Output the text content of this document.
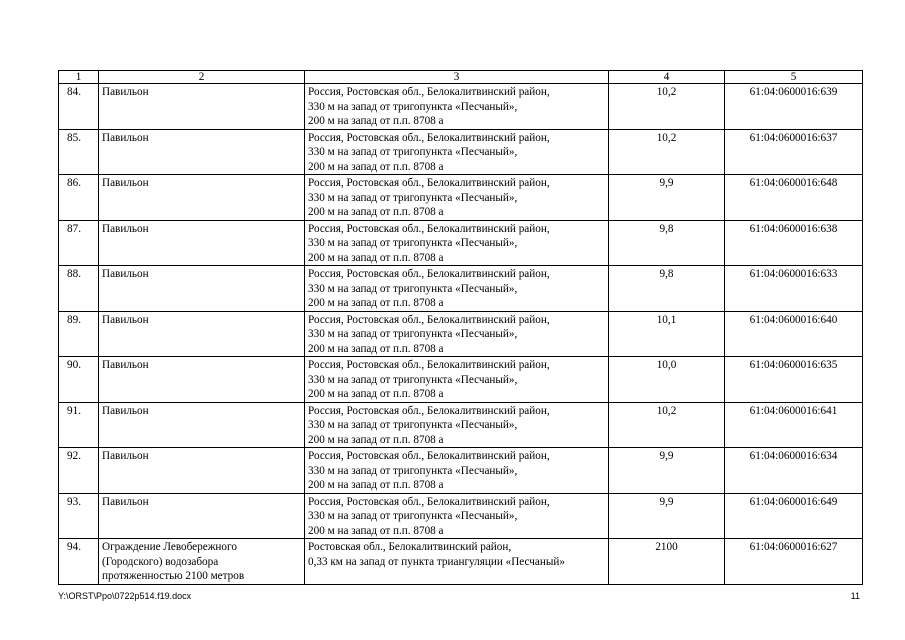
1	2	3	4	5
84.	Павильон	Россия, Ростовская обл., Белокалитвинский район,
330 м на запад от тригопункта «Песчаный»,
200 м на запад от п.п. 8708 а	10,2	61:04:0600016:639
85.	Павильон	Россия, Ростовская обл., Белокалитвинский район,
330 м на запад от тригопункта «Песчаный»,
200 м на запад от п.п. 8708 а	10,2	61:04:0600016:637
86.	Павильон	Россия, Ростовская обл., Белокалитвинский район,
330 м на запад от тригопункта «Песчаный»,
200 м на запад от п.п. 8708 а	9,9	61:04:0600016:648
87.	Павильон	Россия, Ростовская обл., Белокалитвинский район,
330 м на запад от тригопункта «Песчаный»,
200 м на запад от п.п. 8708 а	9,8	61:04:0600016:638
88.	Павильон	Россия, Ростовская обл., Белокалитвинский район,
330 м на запад от тригопункта «Песчаный»,
200 м на запад от п.п. 8708 а	9,8	61:04:0600016:633
89.	Павильон	Россия, Ростовская обл., Белокалитвинский район,
330 м на запад от тригопункта «Песчаный»,
200 м на запад от п.п. 8708 а	10,1	61:04:0600016:640
90.	Павильон	Россия, Ростовская обл., Белокалитвинский район,
330 м на запад от тригопункта «Песчаный»,
200 м на запад от п.п. 8708 а	10,0	61:04:0600016:635
91.	Павильон	Россия, Ростовская обл., Белокалитвинский район,
330 м на запад от тригопункта «Песчаный»,
200 м на запад от п.п. 8708 а	10,2	61:04:0600016:641
92.	Павильон	Россия, Ростовская обл., Белокалитвинский район,
330 м на запад от тригопункта «Песчаный»,
200 м на запад от п.п. 8708 а	9,9	61:04:0600016:634
93.	Павильон	Россия, Ростовская обл., Белокалитвинский район,
330 м на запад от тригопункта «Песчаный»,
200 м на запад от п.п. 8708 а	9,9	61:04:0600016:649
94.	Ограждение Левобережного
(Городского) водозабора
протяженностью 2100 метров	Ростовская обл., Белокалитвинский район,
0,33 км на запад от пункта триангуляции «Песчаный»	2100	61:04:0600016:627
Y:\ORST\Ppo\0722p514.f19.docx	11
